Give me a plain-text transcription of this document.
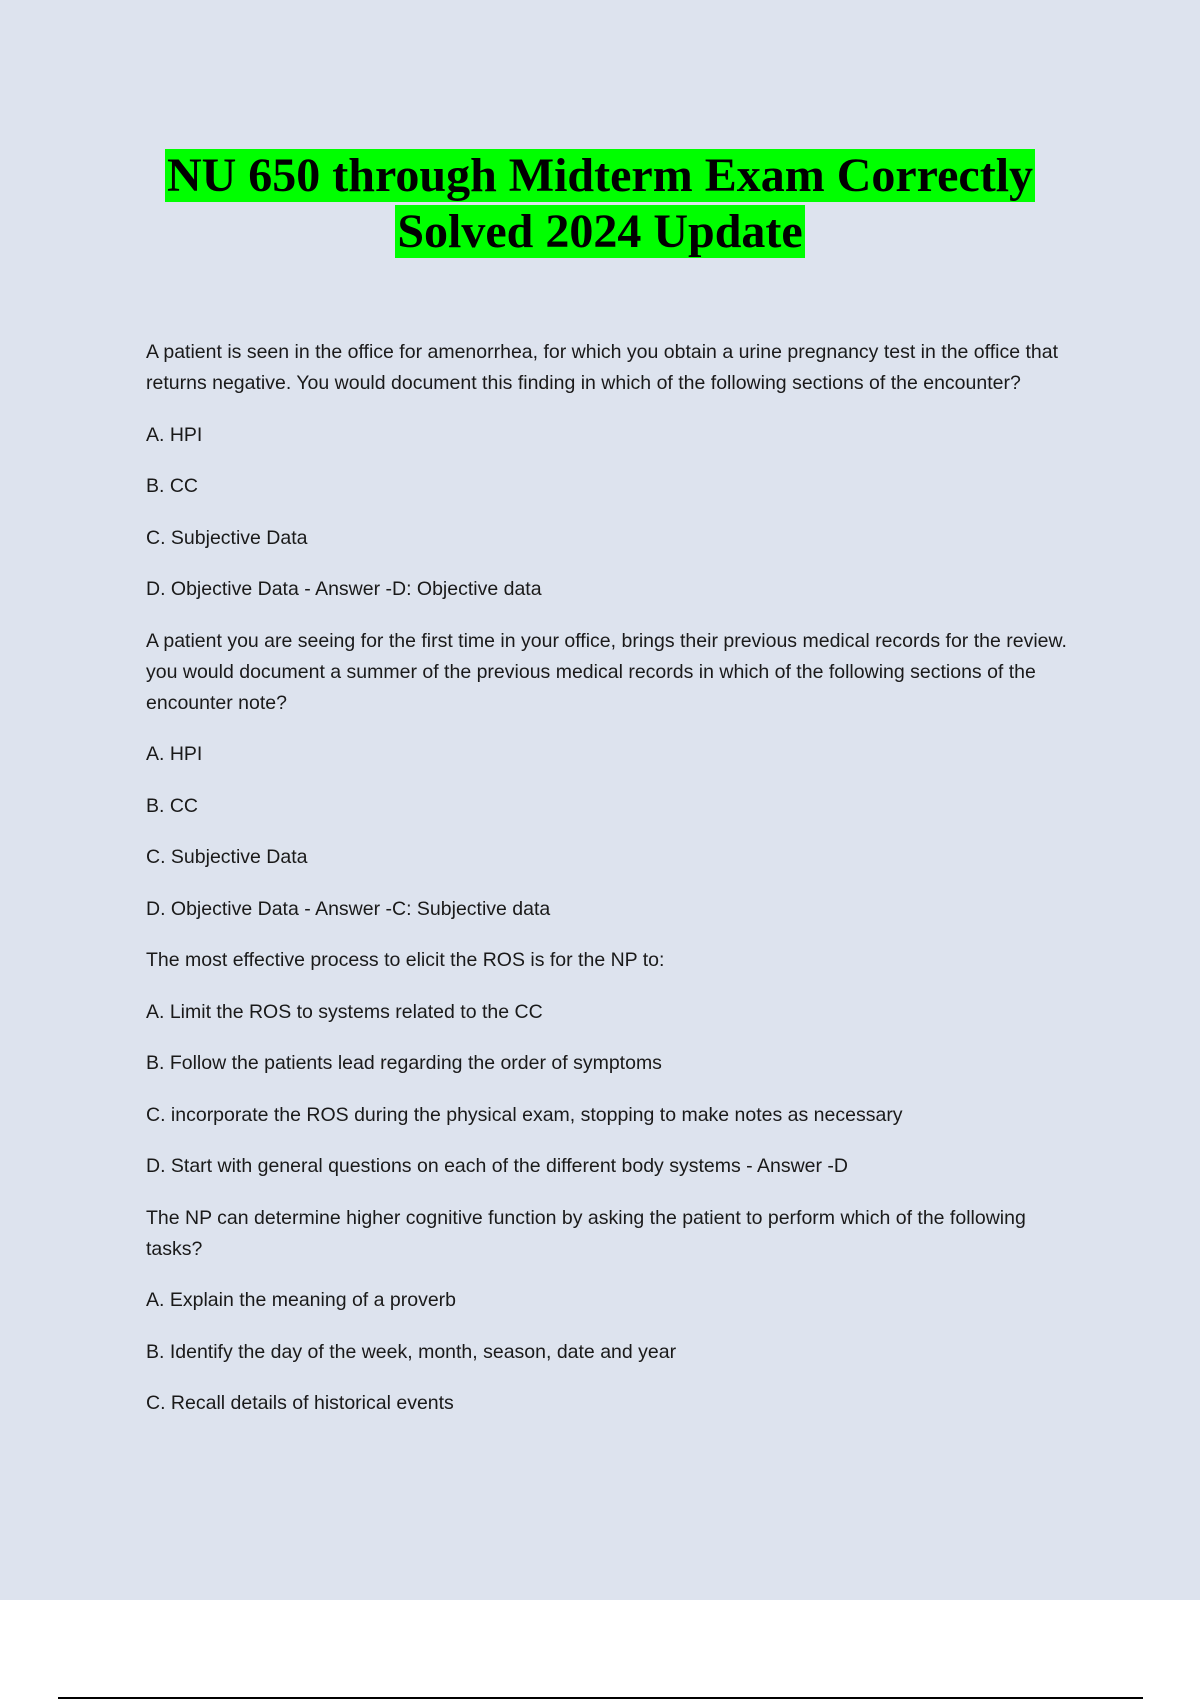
NU 650 through Midterm Exam Correctly
Solved 2024 Update

A patient is seen in the office for amenorrhea, for which you obtain a urine pregnancy test in the office that returns negative. You would document this finding in which of the following sections of the encounter?

A. HPI

B. CC

C. Subjective Data

D. Objective Data - Answer -D: Objective data

A patient you are seeing for the first time in your office, brings their previous medical records for the review. you would document a summer of the previous medical records in which of the following sections of the encounter note?

A. HPI

B. CC

C. Subjective Data

D. Objective Data - Answer -C: Subjective data

The most effective process to elicit the ROS is for the NP to:

A. Limit the ROS to systems related to the CC

B. Follow the patients lead regarding the order of symptoms

C. incorporate the ROS during the physical exam, stopping to make notes as necessary

D. Start with general questions on each of the different body systems - Answer -D

The NP can determine higher cognitive function by asking the patient to perform which of the following tasks?

A. Explain the meaning of a proverb

B. Identify the day of the week, month, season, date and year

C. Recall details of historical events
